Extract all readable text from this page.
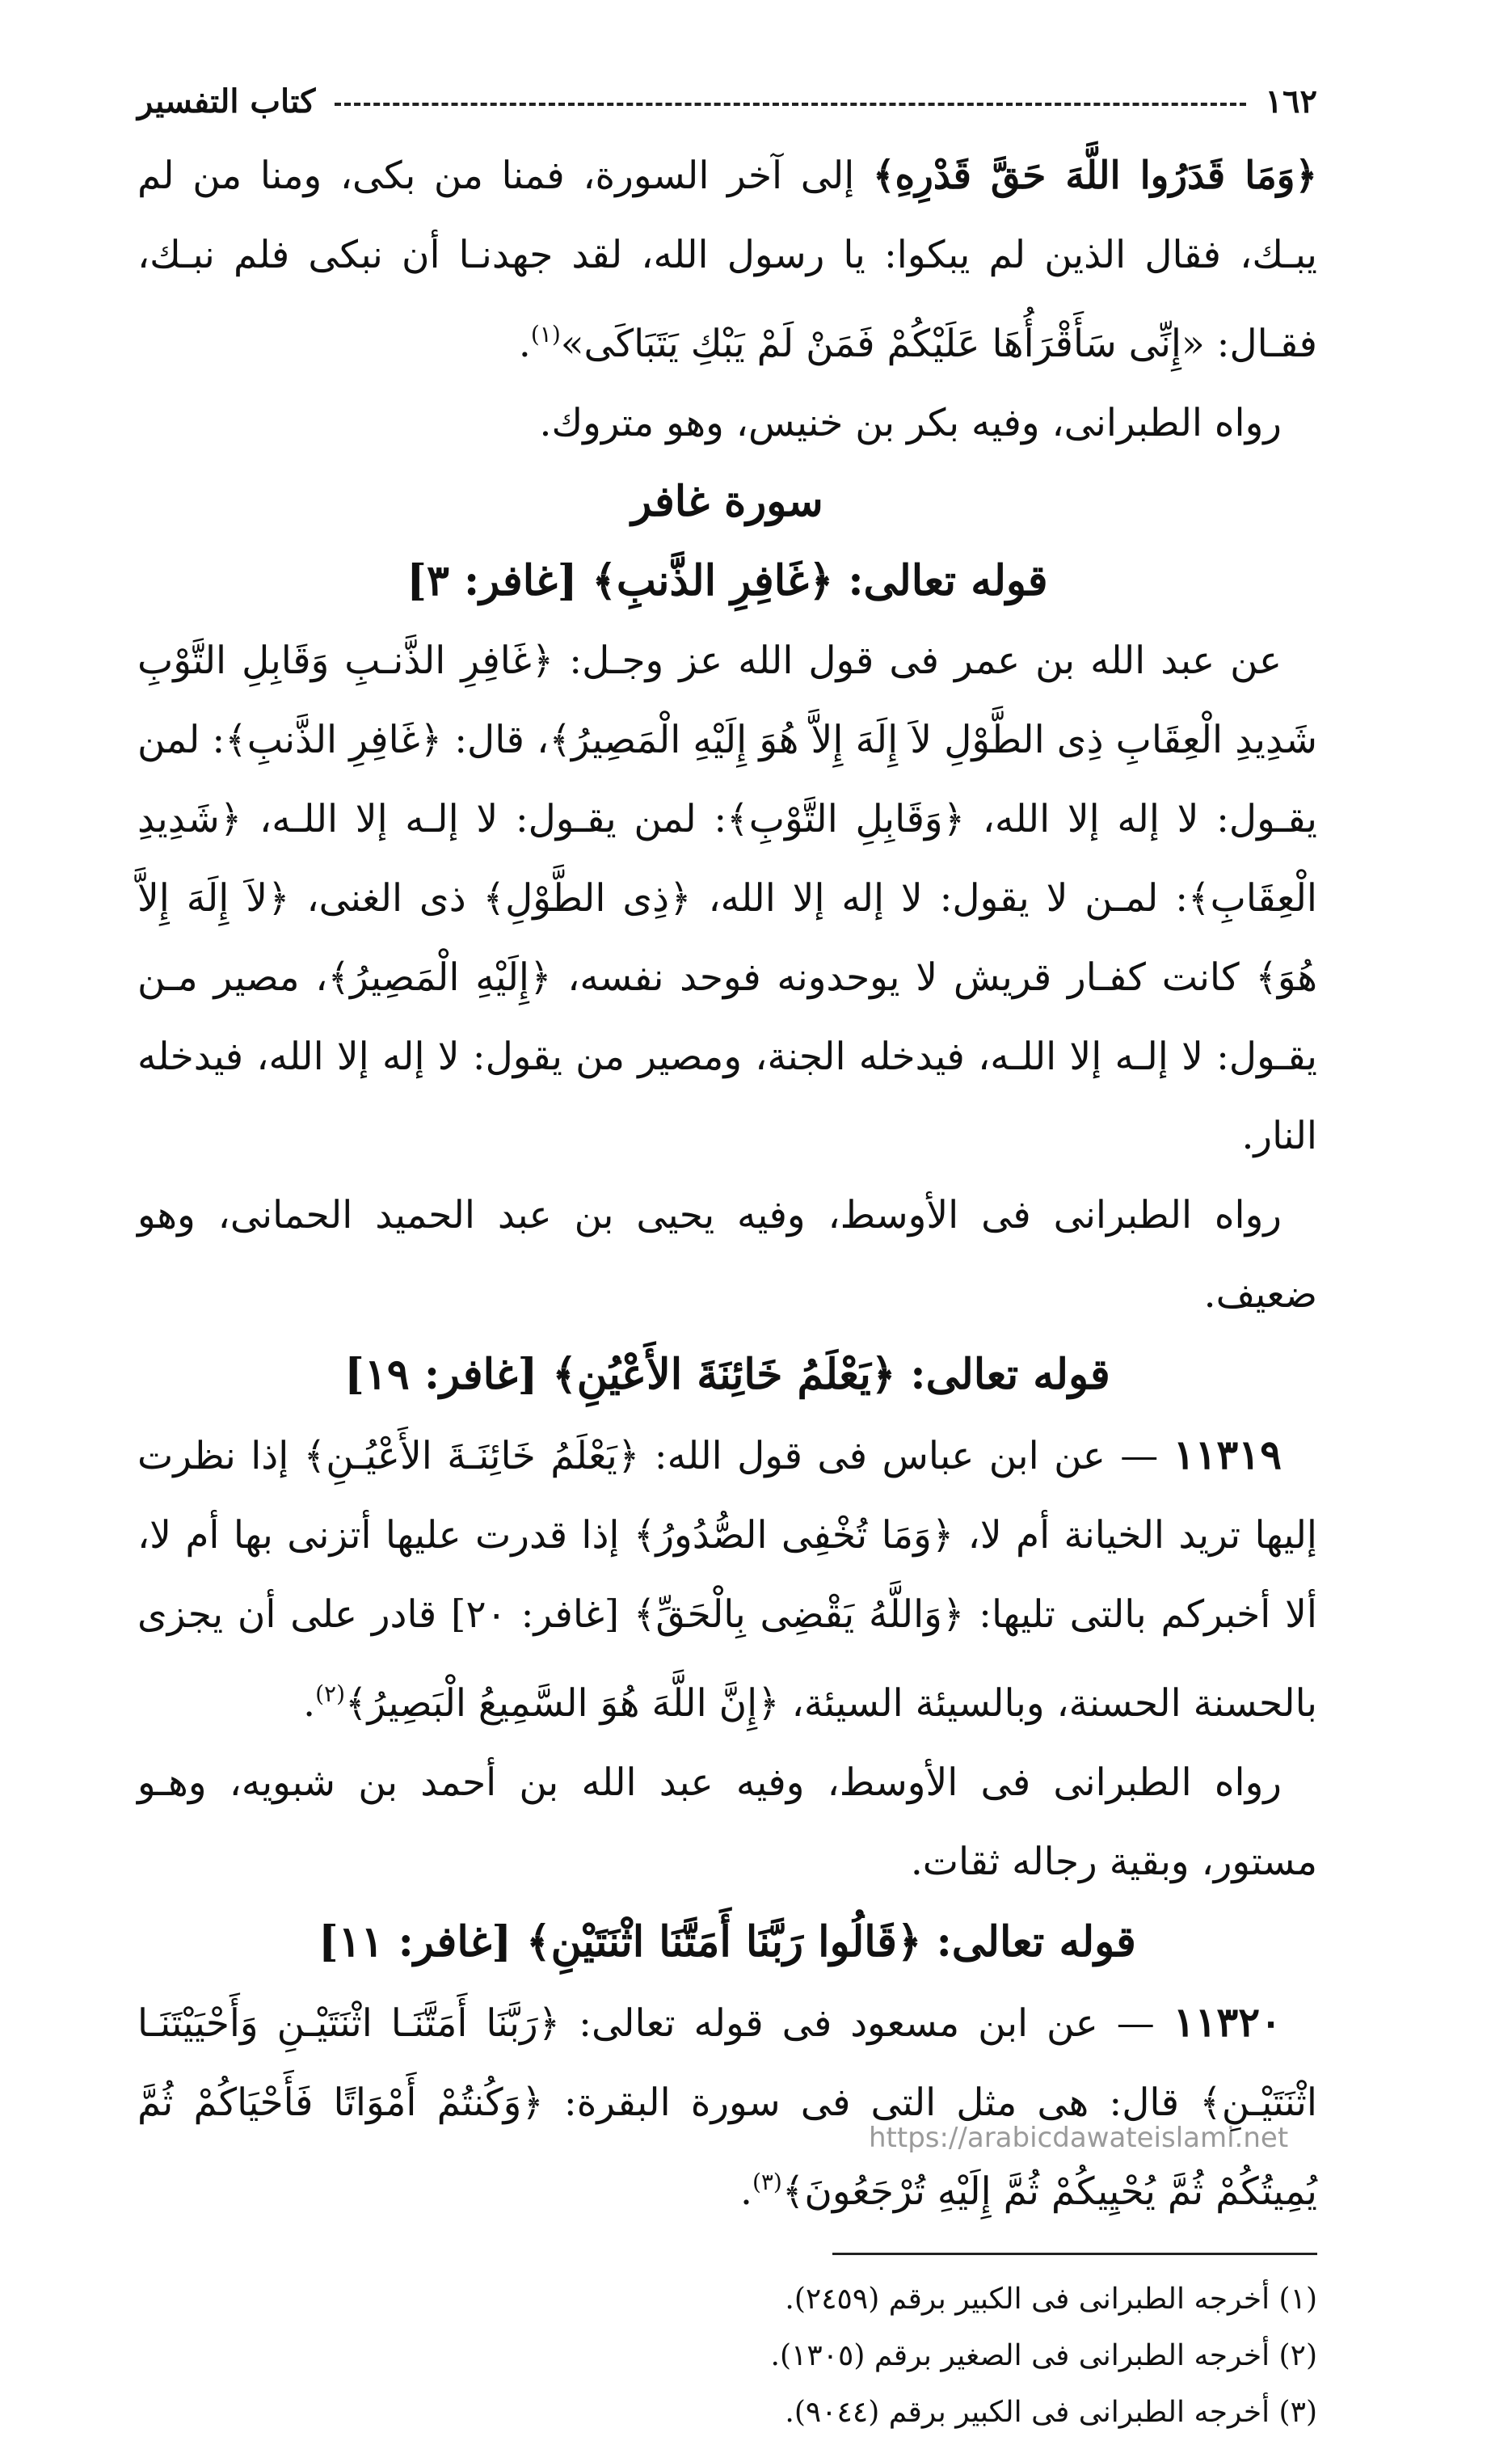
١٦٢
كتاب التفسير

﴿وَمَا قَدَرُوا اللَّهَ حَقَّ قَدْرِهِ﴾ إلى آخر السورة، فمنا من بكى، ومنا من لم يبـك، فقال الذين لم يبكوا: يا رسول الله، لقد جهدنـا أن نبكى فلم نبـك، فقـال: «إِنِّى سَأَقْرَأُهَا عَلَيْكُمْ فَمَنْ لَمْ يَبْكِ يَتَبَاكَى»$^{(١)}$.

رواه الطبرانى، وفيه بكر بن خنيس، وهو متروك.

سورة غافر
قوله تعالى: ﴿غَافِرِ الذَّنبِ﴾ [غافر: ٣]

عن عبد الله بن عمر فى قول الله عز وجـل: ﴿غَافِرِ الذَّنـبِ وَقَابِلِ التَّوْبِ شَدِيدِ الْعِقَابِ ذِى الطَّوْلِ لاَ إِلَهَ إِلاَّ هُوَ إِلَيْهِ الْمَصِيرُ﴾، قال: ﴿غَافِرِ الذَّنبِ﴾: لمن يقـول: لا إله إلا الله، ﴿وَقَابِلِ التَّوْبِ﴾: لمن يقـول: لا إلـه إلا اللـه، ﴿شَدِيدِ الْعِقَابِ﴾: لمـن لا يقول: لا إله إلا الله، ﴿ذِى الطَّوْلِ﴾ ذى الغنى، ﴿لاَ إِلَهَ إِلاَّ هُوَ﴾ كانت كفـار قريش لا يوحدونه فوحد نفسه، ﴿إِلَيْهِ الْمَصِيرُ﴾، مصير مـن يقـول: لا إلـه إلا اللـه، فيدخله الجنة، ومصير من يقول: لا إله إلا الله، فيدخله النار.

رواه الطبرانى فى الأوسط، وفيه يحيى بن عبد الحميد الحمانى، وهو ضعيف.

قوله تعالى: ﴿يَعْلَمُ خَائِنَةَ الأَعْيُنِ﴾ [غافر: ١٩]

١١٣١٩ — عن ابن عباس فى قول الله: ﴿يَعْلَمُ خَائِنَـةَ الأَعْيُـنِ﴾ إذا نظرت إليها تريد الخيانة أم لا، ﴿وَمَا تُخْفِى الصُّدُورُ﴾ إذا قدرت عليها أتزنى بها أم لا، ألا أخبركم بالتى تليها: ﴿وَاللَّهُ يَقْضِى بِالْحَقِّ﴾ [غافر: ٢٠] قادر على أن يجزى بالحسنة الحسنة، وبالسيئة السيئة، ﴿إِنَّ اللَّهَ هُوَ السَّمِيعُ الْبَصِيرُ﴾$^{(٢)}$.

رواه الطبرانى فى الأوسط، وفيه عبد الله بن أحمد بن شبويه، وهـو مستور، وبقية رجاله ثقات.

قوله تعالى: ﴿قَالُوا رَبَّنَا أَمَتَّنَا اثْنَتَيْنِ﴾ [غافر: ١١]

١١٣٢٠ — عن ابن مسعود فى قوله تعالى: ﴿رَبَّنَا أَمَتَّنَـا اثْنَتَيْـنِ وَأَحْيَيْتَنَـا اثْنَتَيْـنِ﴾ قال: هى مثل التى فى سورة البقرة: ﴿وَكُنتُمْ أَمْوَاتًا فَأَحْيَاكُمْ ثُمَّ يُمِيتُكُمْ ثُمَّ يُحْيِيكُمْ ثُمَّ إِلَيْهِ تُرْجَعُونَ﴾$^{(٣)}$.

(١) أخرجه الطبرانى فى الكبير برقم (٢٤٥٩).

(٢) أخرجه الطبرانى فى الصغير برقم (١٣٠٥).

(٣) أخرجه الطبرانى فى الكبير برقم (٩٠٤٤).

https://arabicdawateislami.net
